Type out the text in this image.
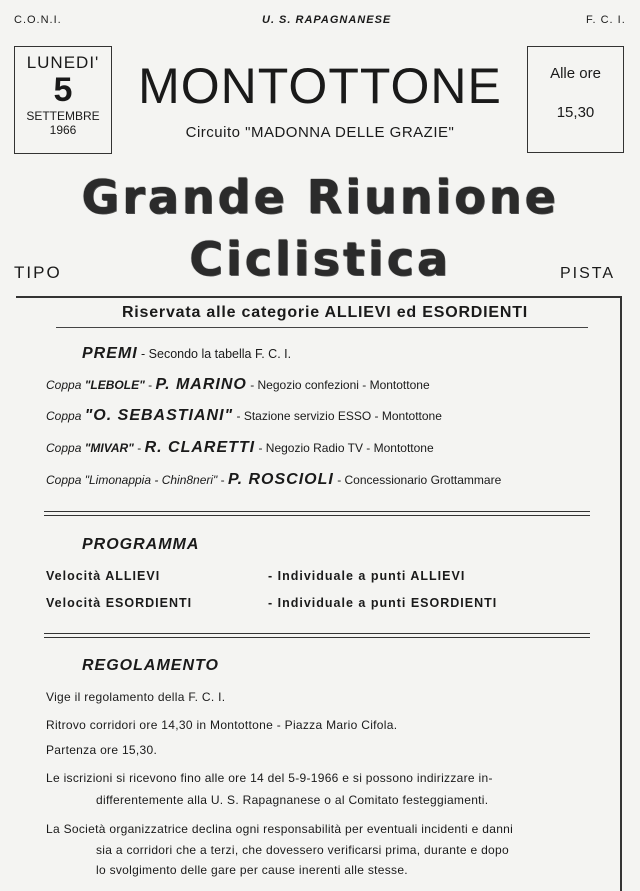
C.O.N.I.	U. S. RAPAGNANESE	F. C. I.
LUNEDI'
5
SETTEMBRE
1966
MONTOTTONE
Circuito "MADONNA DELLE GRAZIE"
Alle ore
15,30
Grande Riunione
Ciclistica
TIPO	PISTA
Riservata alle categorie ALLIEVI ed ESORDIENTI
PREMI - Secondo la tabella F. C. I.
Coppa "LEBOLE" - P. MARINO - Negozio confezioni - Montottone
Coppa "O. SEBASTIANI" - Stazione servizio ESSO - Montottone
Coppa "MIVAR" - R. CLARETTI - Negozio Radio TV - Montottone
Coppa "Limonappia - Chin8neri" - P. ROSCIOLI - Concessionario Grottammare
PROGRAMMA
Velocità ALLIEVI	- Individuale a punti ALLIEVI
Velocità ESORDIENTI	- Individuale a punti ESORDIENTI
REGOLAMENTO
Vige il regolamento della F. C. I.
Ritrovo corridori ore 14,30 in Montottone - Piazza Mario Cifola.
Partenza ore 15,30.
Le iscrizioni si ricevono fino alle ore 14 del 5-9-1966 e si possono indirizzare in-
differentemente alla U. S. Rapagnanese o al Comitato festeggiamenti.
La Società organizzatrice declina ogni responsabilità per eventuali incidenti e danni
sia a corridori che a terzi, che dovessero verificarsi prima, durante e dopo
lo svolgimento delle gare per cause inerenti alle stesse.
